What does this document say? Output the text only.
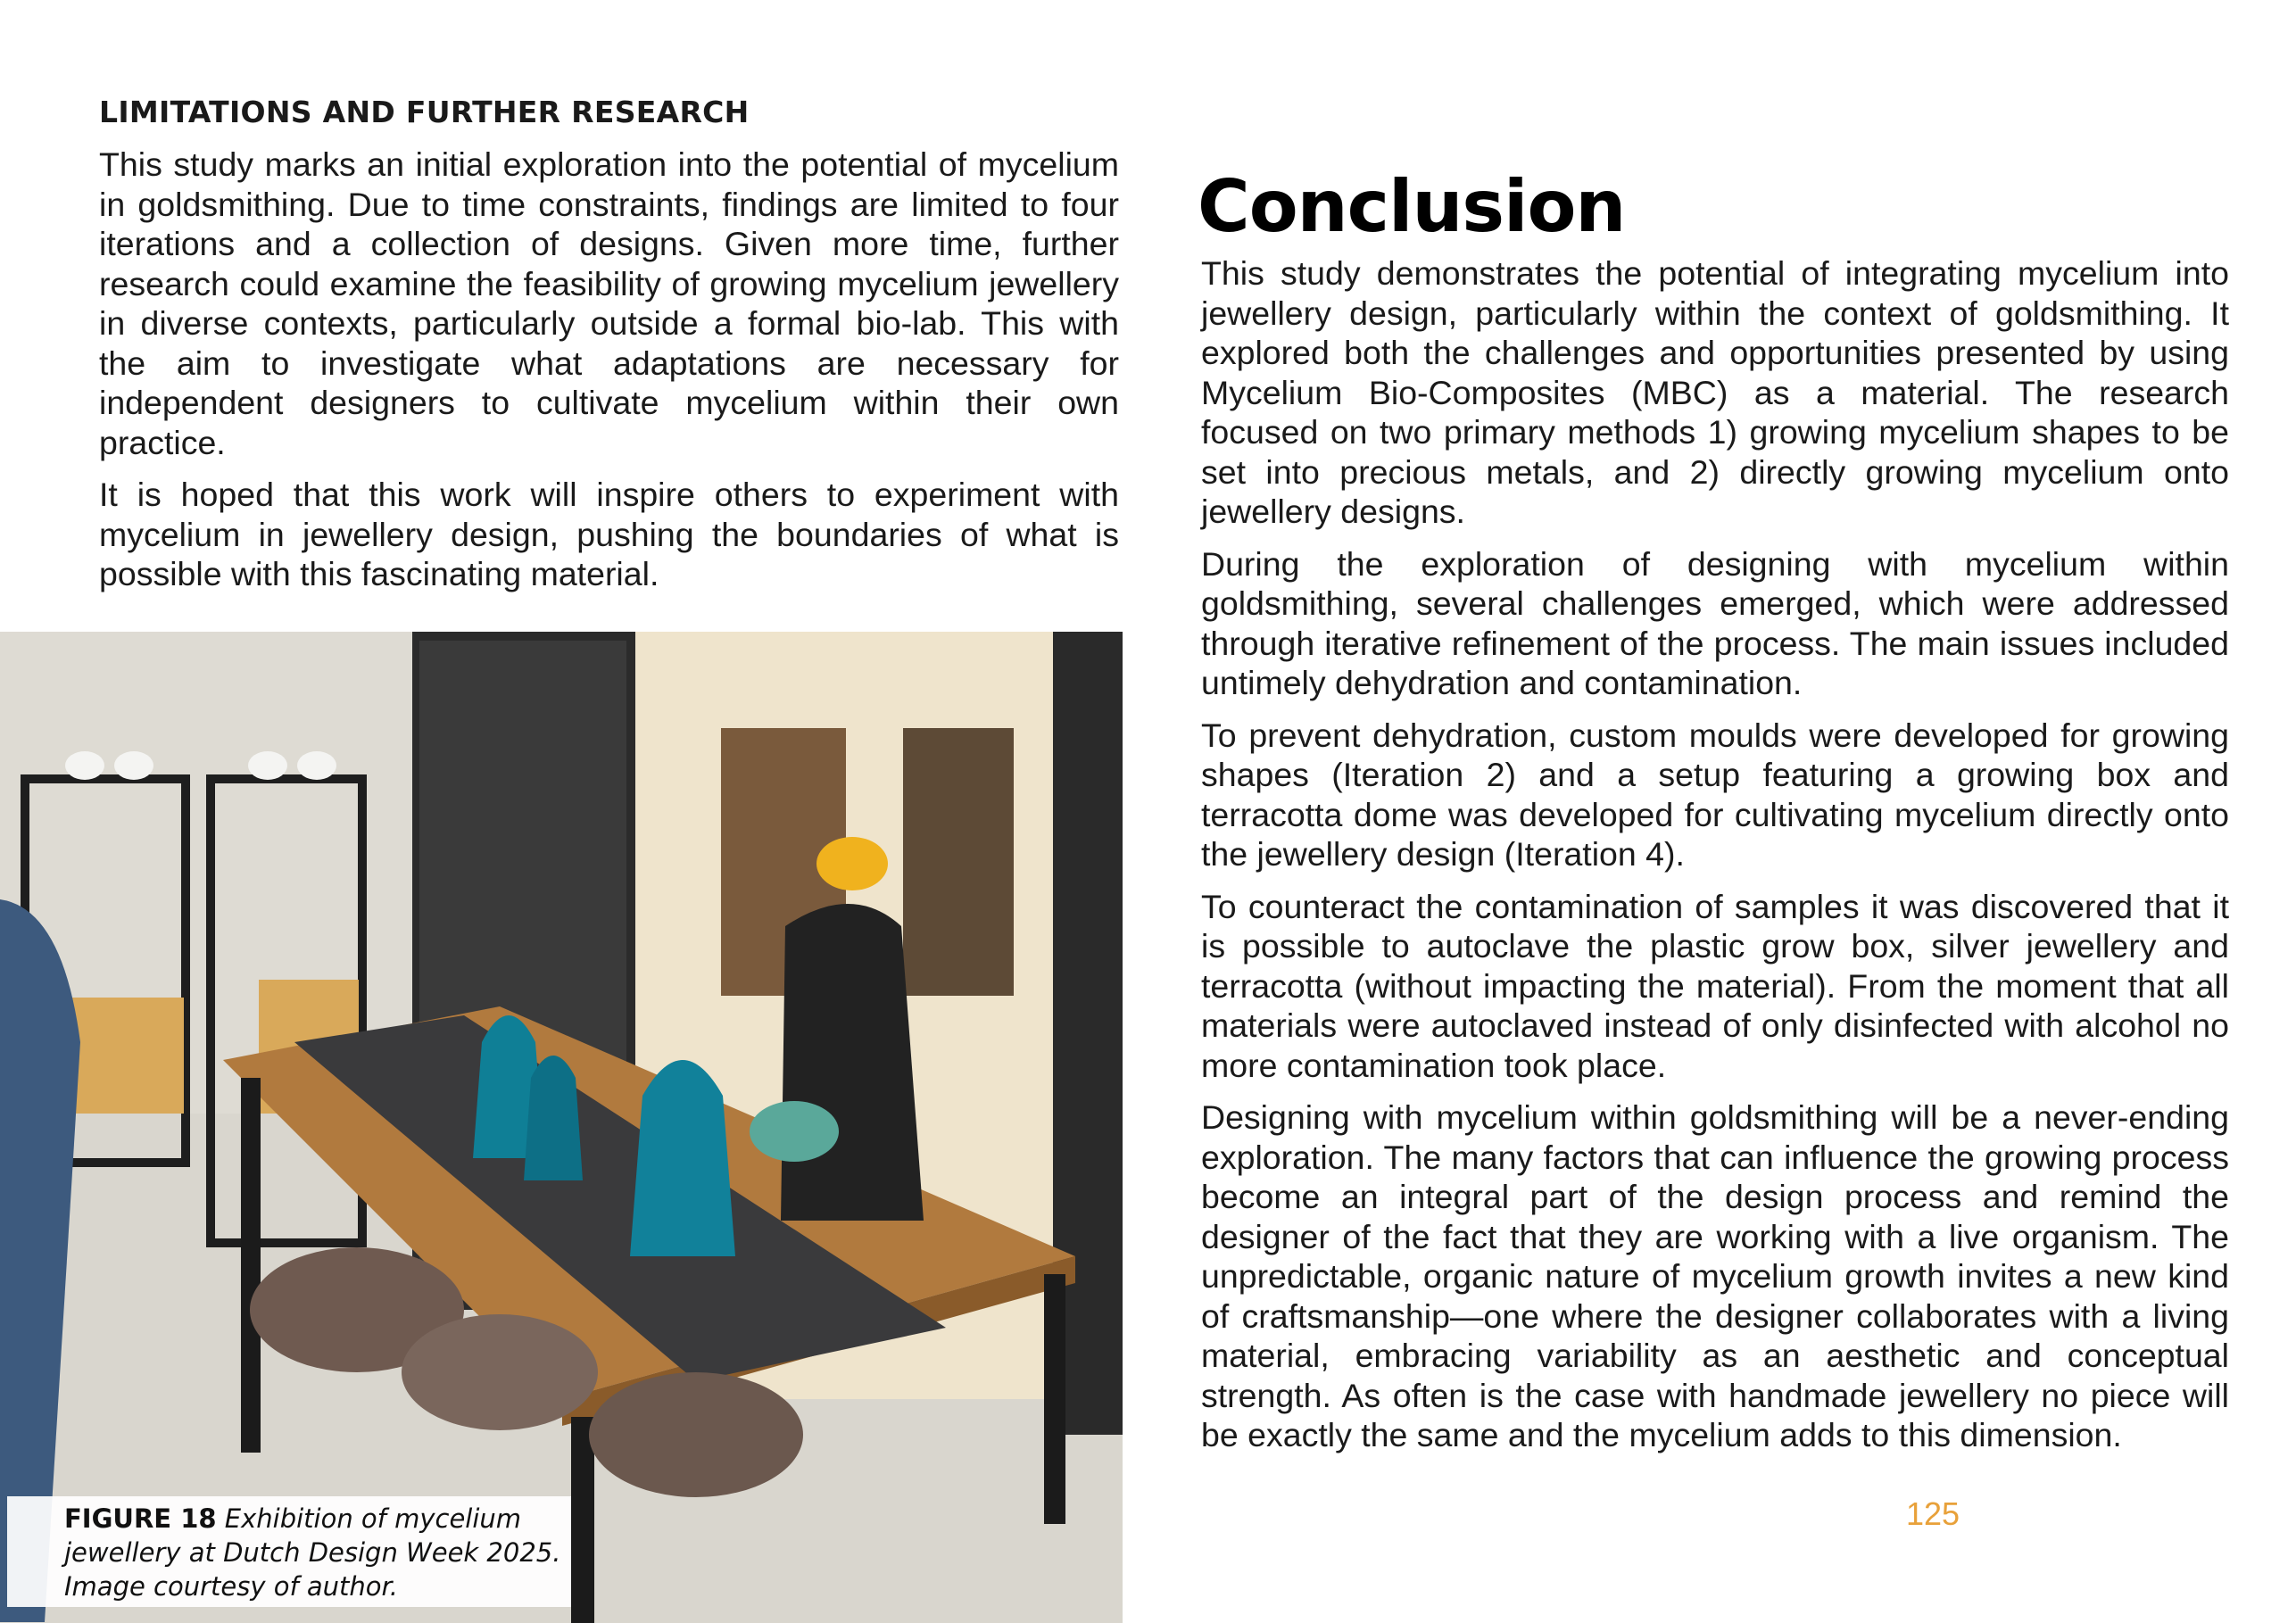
LIMITATIONS AND FURTHER RESEARCH

This study marks an initial exploration into the potential of mycelium in goldsmithing. Due to time constraints, findings are limited to four iterations and a collection of designs. Given more time, further research could examine the feasibility of growing mycelium jewellery in diverse contexts, particularly outside a formal bio-lab. This with the aim to investigate what adaptations are necessary for independent designers to cultivate mycelium within their own practice.

It is hoped that this work will inspire others to experiment with mycelium in jewellery design, pushing the boundaries of what is possible with this fascinating material.

FIGURE 18 Exhibition of mycelium jewellery at Dutch Design Week 2025. Image courtesy of author.
Conclusion

This study demonstrates the potential of integrating mycelium into jewellery design, particularly within the context of goldsmithing. It explored both the challenges and opportunities presented by using Mycelium Bio-Composites (MBC) as a material. The research focused on two primary methods 1) growing mycelium shapes to be set into precious metals, and 2) directly growing mycelium onto jewellery designs.

During the exploration of designing with mycelium within goldsmithing, several challenges emerged, which were addressed through iterative refinement of the process. The main issues included untimely dehydration and contamination.

To prevent dehydration, custom moulds were developed for growing shapes (Iteration 2) and a setup featuring a growing box and terracotta dome was developed for cultivating mycelium directly onto the jewellery design (Iteration 4).

To counteract the contamination of samples it was discovered that it is possible to autoclave the plastic grow box, silver jewellery and terracotta (without impacting the material). From the moment that all materials were autoclaved instead of only disinfected with alcohol no more contamination took place.

Designing with mycelium within goldsmithing will be a never-ending exploration. The many factors that can influence the growing process become an integral part of the design process and remind the designer of the fact that they are working with a live organism. The unpredictable, organic nature of mycelium growth invites a new kind of craftsmanship—one where the designer collaborates with a living material, embracing variability as an aesthetic and conceptual strength. As often is the case with handmade jewellery no piece will be exactly the same and the mycelium adds to this dimension.

125
